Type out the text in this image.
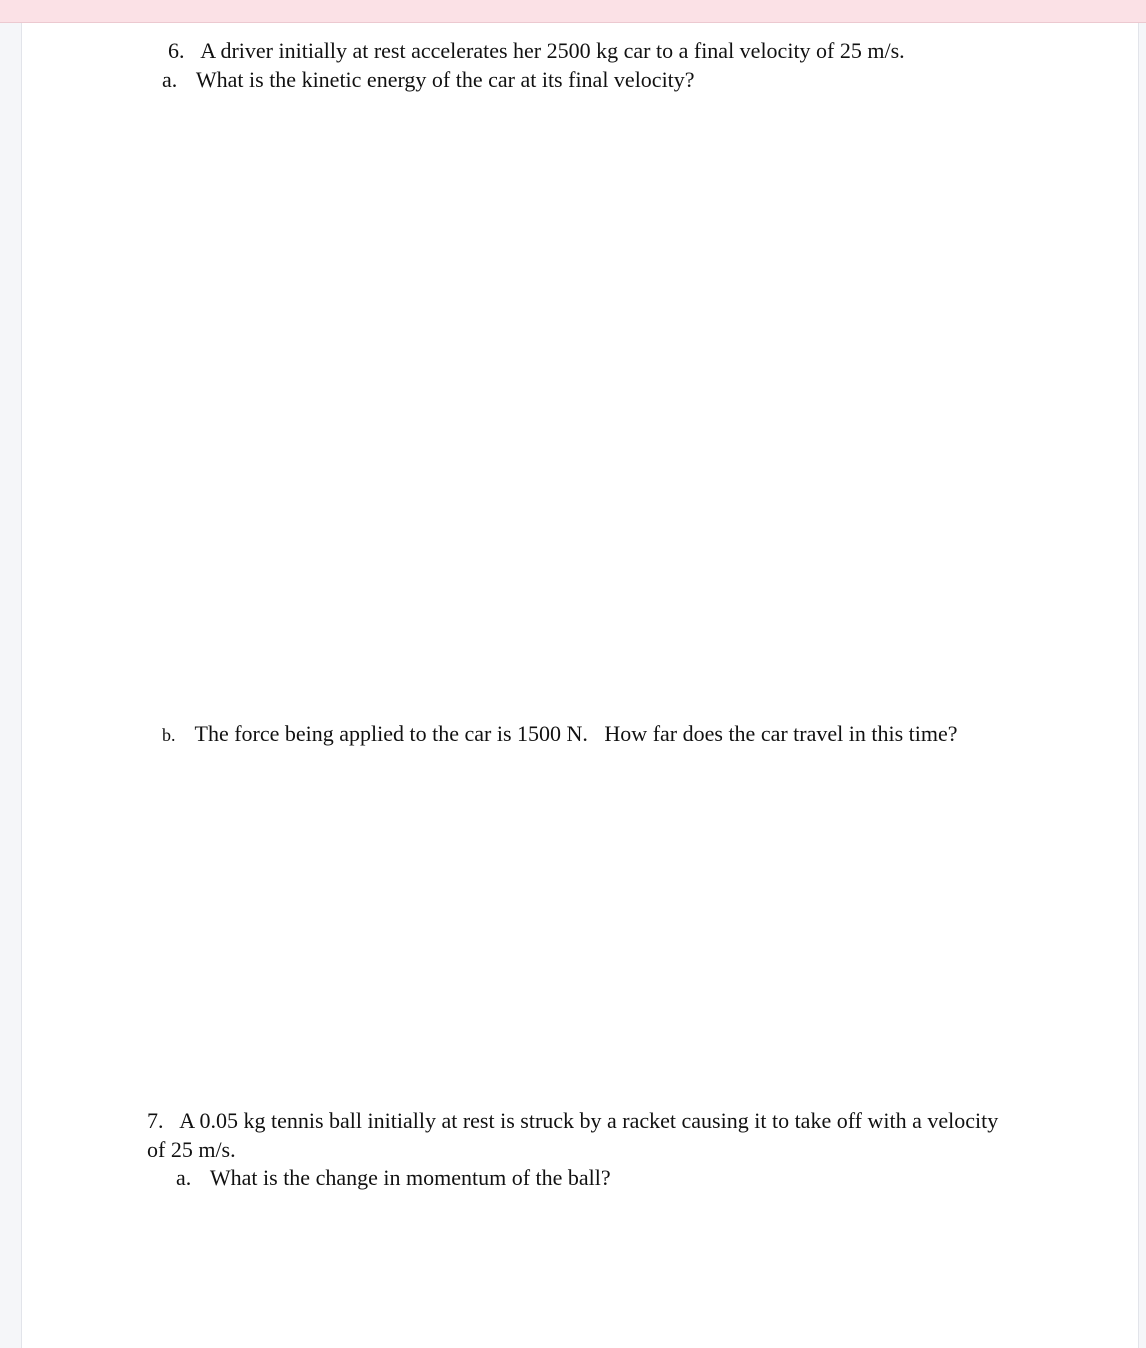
6. A driver initially at rest accelerates her 2500 kg car to a final velocity of 25 m/s.
a. What is the kinetic energy of the car at its final velocity?
b. The force being applied to the car is 1500 N.   How far does the car travel in this time?
7. A 0.05 kg tennis ball initially at rest is struck by a racket causing it to take off with a velocity
of 25 m/s.
a. What is the change in momentum of the ball?
